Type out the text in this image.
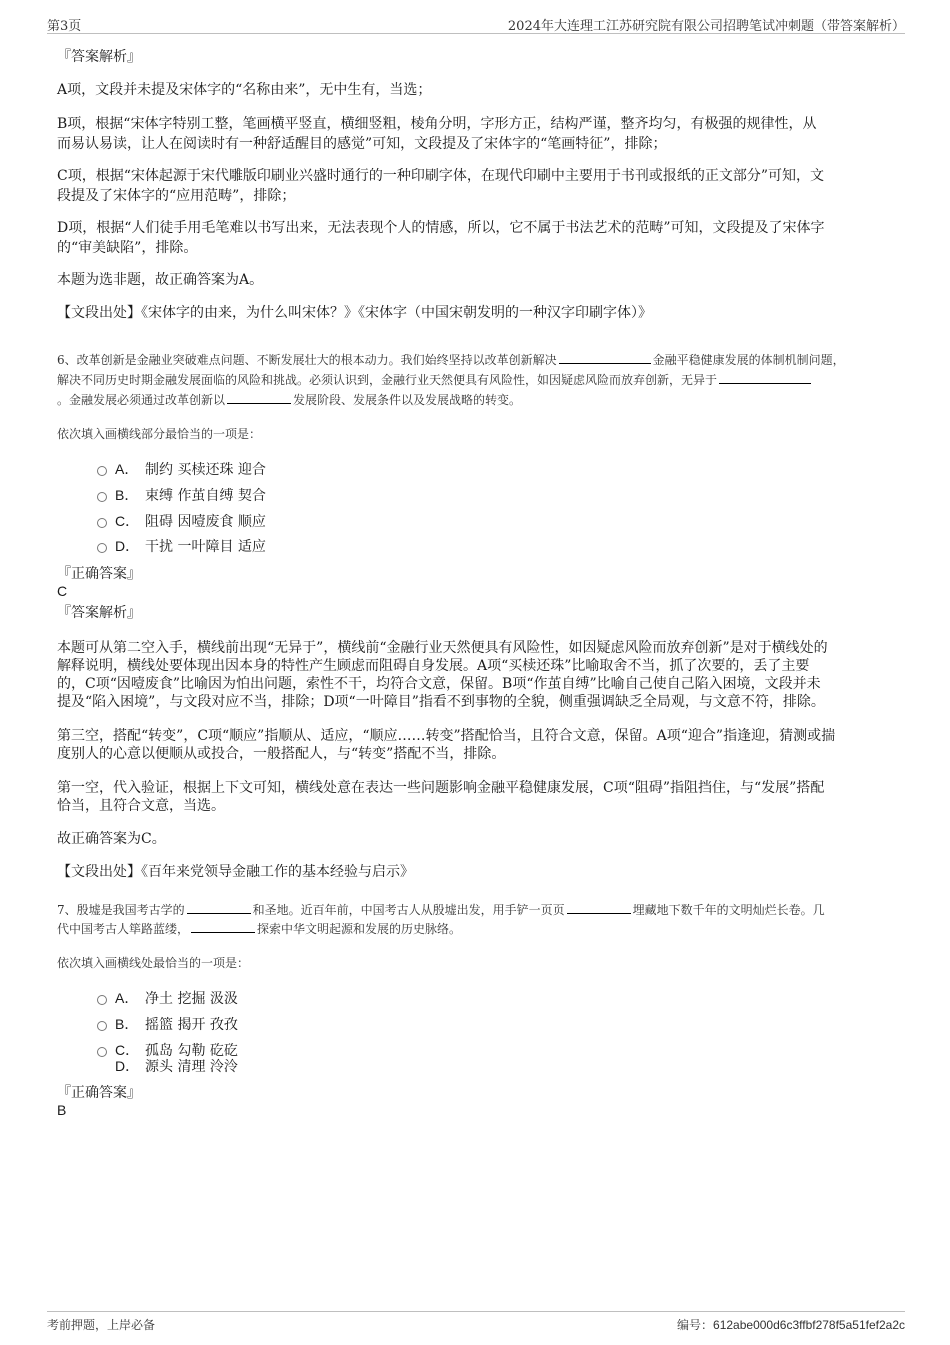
第3页	2024年大连理工江苏研究院有限公司招聘笔试冲刺题（带答案解析）
『答案解析』
A项，文段并未提及宋体字的“名称由来”，无中生有，当选；
B项，根据“宋体字特别工整，笔画横平竖直，横细竖粗，棱角分明，字形方正，结构严谨，整齐均匀，有极强的规律性，从
而易认易读，让人在阅读时有一种舒适醒目的感觉”可知，文段提及了宋体字的“笔画特征”，排除；
C项，根据“宋体起源于宋代雕版印刷业兴盛时通行的一种印刷字体，在现代印刷中主要用于书刊或报纸的正文部分”可知，文
段提及了宋体字的“应用范畴”，排除；
D项，根据“人们徒手用毛笔难以书写出来，无法表现个人的情感，所以，它不属于书法艺术的范畴”可知，文段提及了宋体字
的“审美缺陷”，排除。
本题为选非题，故正确答案为A。
【文段出处】《宋体字的由来，为什么叫宋体？》《宋体字（中国宋朝发明的一种汉字印刷字体）》
6、改革创新是金融业突破难点问题、不断发展壮大的根本动力。我们始终坚持以改革创新解决	金融平稳健康发展的体制机制问题，
解决不同历史时期金融发展面临的风险和挑战。必须认识到，金融行业天然便具有风险性，如因疑虑风险而放弃创新，无异于
。金融发展必须通过改革创新以	发展阶段、发展条件以及发展战略的转变。
依次填入画横线部分最恰当的一项是：
A． 制约 买椟还珠 迎合
B． 束缚 作茧自缚 契合
C． 阻碍 因噎废食 顺应
D． 干扰 一叶障目 适应
『正确答案』
C
『答案解析』
本题可从第二空入手，横线前出现“无异于”，横线前“金融行业天然便具有风险性，如因疑虑风险而放弃创新”是对于横线处的
解释说明，横线处要体现出因本身的特性产生顾虑而阻碍自身发展。A项“买椟还珠”比喻取舍不当，抓了次要的，丢了主要
的，C项“因噎废食”比喻因为怕出问题，索性不干，均符合文意，保留。B项“作茧自缚”比喻自己使自己陷入困境，文段并未
提及“陷入困境”，与文段对应不当，排除；D项“一叶障目”指看不到事物的全貌，侧重强调缺乏全局观，与文意不符，排除。
第三空，搭配“转变”，C项“顺应”指顺从、适应，“顺应……转变”搭配恰当，且符合文意，保留。A项“迎合”指逢迎，猜测或揣
度别人的心意以便顺从或投合，一般搭配人，与“转变”搭配不当，排除。
第一空，代入验证，根据上下文可知，横线处意在表达一些问题影响金融平稳健康发展，C项“阻碍”指阻挡住，与“发展”搭配
恰当，且符合文意，当选。
故正确答案为C。
【文段出处】《百年来党领导金融工作的基本经验与启示》
7、殷墟是我国考古学的	和圣地。近百年前，中国考古人从殷墟出发，用手铲一页页	埋藏地下数千年的文明灿烂长卷。几
代中国考古人筚路蓝缕，	探索中华文明起源和发展的历史脉络。
依次填入画横线处最恰当的一项是：
A． 净土 挖掘 汲汲
B． 摇篮 揭开 孜孜
C． 孤岛 勾勒 矻矻
D． 源头 清理 泠泠
『正确答案』
B
考前押题，上岸必备	编号：612abe000d6c3ffbf278f5a51fef2a2c
